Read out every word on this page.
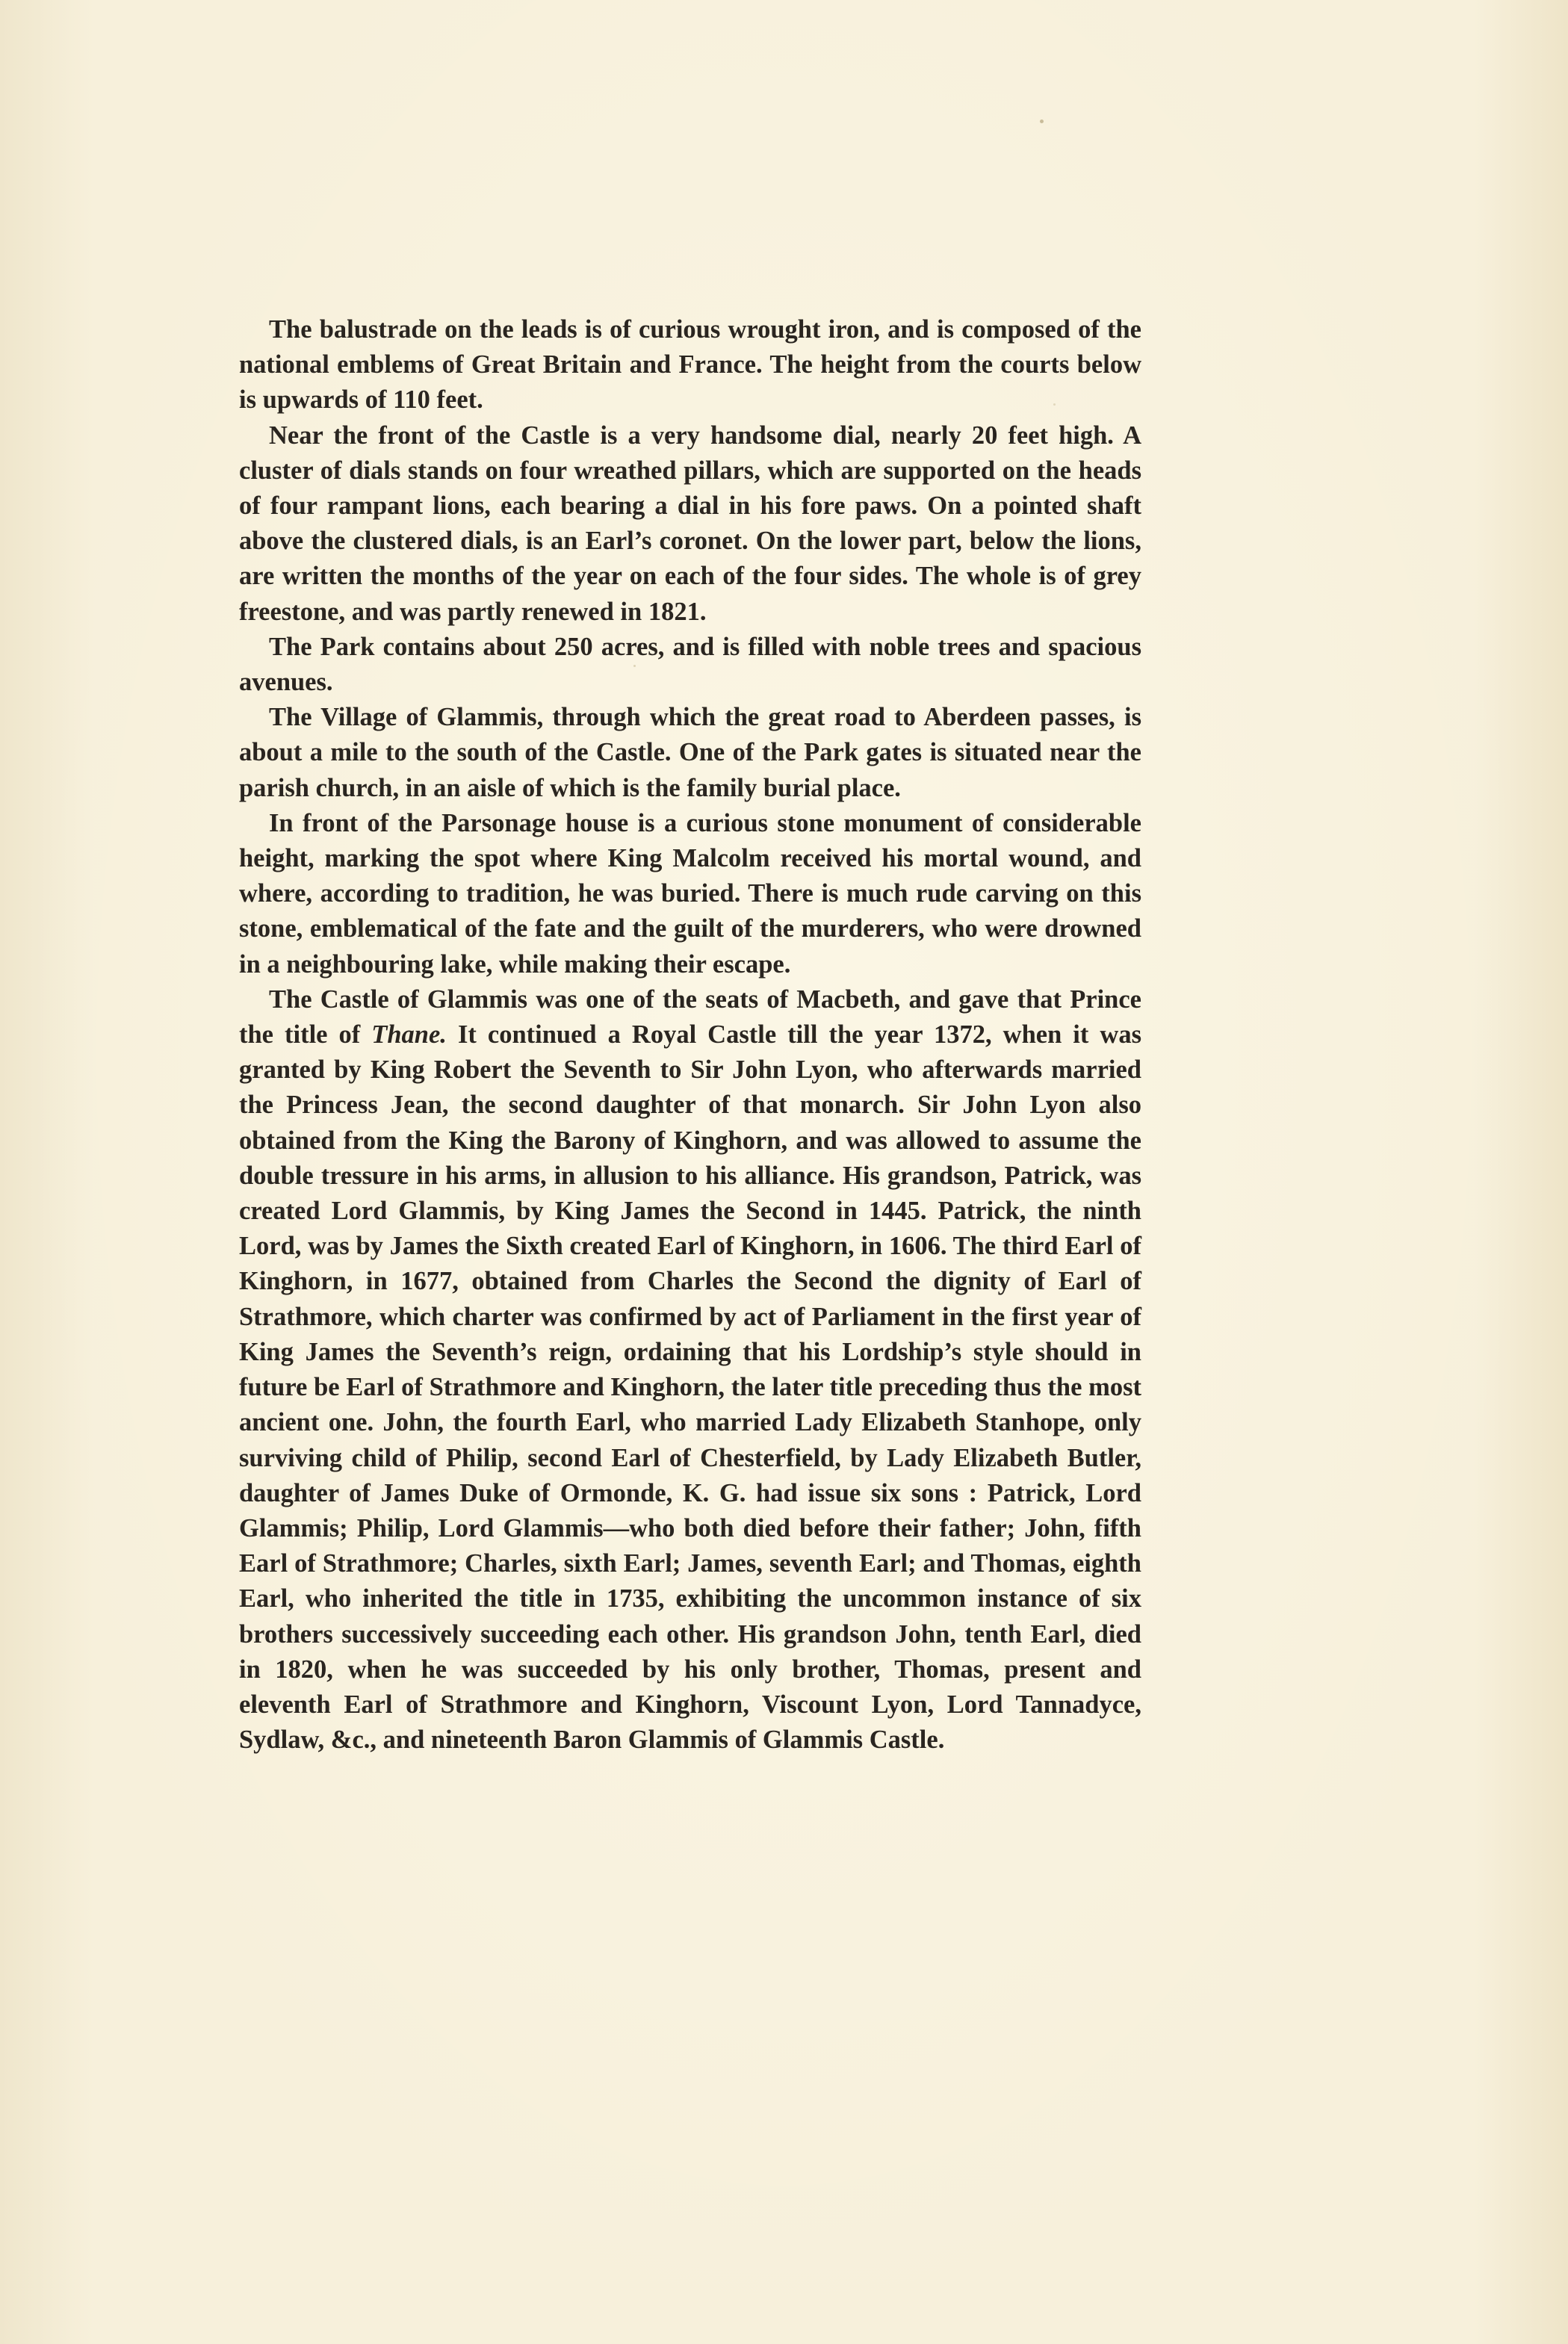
The balustrade on the leads is of curious wrought iron, and is composed of the national emblems of Great Britain and France. The height from the courts below is upwards of 110 feet.

Near the front of the Castle is a very handsome dial, nearly 20 feet high. A cluster of dials stands on four wreathed pillars, which are supported on the heads of four rampant lions, each bearing a dial in his fore paws. On a pointed shaft above the clustered dials, is an Earl’s coronet. On the lower part, below the lions, are written the months of the year on each of the four sides. The whole is of grey freestone, and was partly renewed in 1821.

The Park contains about 250 acres, and is filled with noble trees and spacious avenues.

The Village of Glammis, through which the great road to Aberdeen passes, is about a mile to the south of the Castle. One of the Park gates is situated near the parish church, in an aisle of which is the family burial place.

In front of the Parsonage house is a curious stone monument of considerable height, marking the spot where King Malcolm received his mortal wound, and where, according to tradition, he was buried. There is much rude carving on this stone, emblematical of the fate and the guilt of the murderers, who were drowned in a neighbouring lake, while making their escape.

The Castle of Glammis was one of the seats of Macbeth, and gave that Prince the title of Thane. It continued a Royal Castle till the year 1372, when it was granted by King Robert the Seventh to Sir John Lyon, who afterwards married the Princess Jean, the second daughter of that monarch. Sir John Lyon also obtained from the King the Barony of Kinghorn, and was allowed to assume the double tressure in his arms, in allusion to his alliance. His grandson, Patrick, was created Lord Glammis, by King James the Second in 1445. Patrick, the ninth Lord, was by James the Sixth created Earl of Kinghorn, in 1606. The third Earl of Kinghorn, in 1677, obtained from Charles the Second the dignity of Earl of Strathmore, which charter was confirmed by act of Parliament in the first year of King James the Seventh’s reign, ordaining that his Lordship’s style should in future be Earl of Strathmore and Kinghorn, the later title preceding thus the most ancient one. John, the fourth Earl, who married Lady Elizabeth Stanhope, only surviving child of Philip, second Earl of Chesterfield, by Lady Elizabeth Butler, daughter of James Duke of Ormonde, K. G. had issue six sons : Patrick, Lord Glammis; Philip, Lord Glammis—who both died before their father; John, fifth Earl of Strathmore; Charles, sixth Earl; James, seventh Earl; and Thomas, eighth Earl, who inherited the title in 1735, exhibiting the uncommon instance of six brothers successively succeeding each other. His grandson John, tenth Earl, died in 1820, when he was succeeded by his only brother, Thomas, present and eleventh Earl of Strathmore and Kinghorn, Viscount Lyon, Lord Tannadyce, Sydlaw, &c., and nineteenth Baron Glammis of Glammis Castle.
